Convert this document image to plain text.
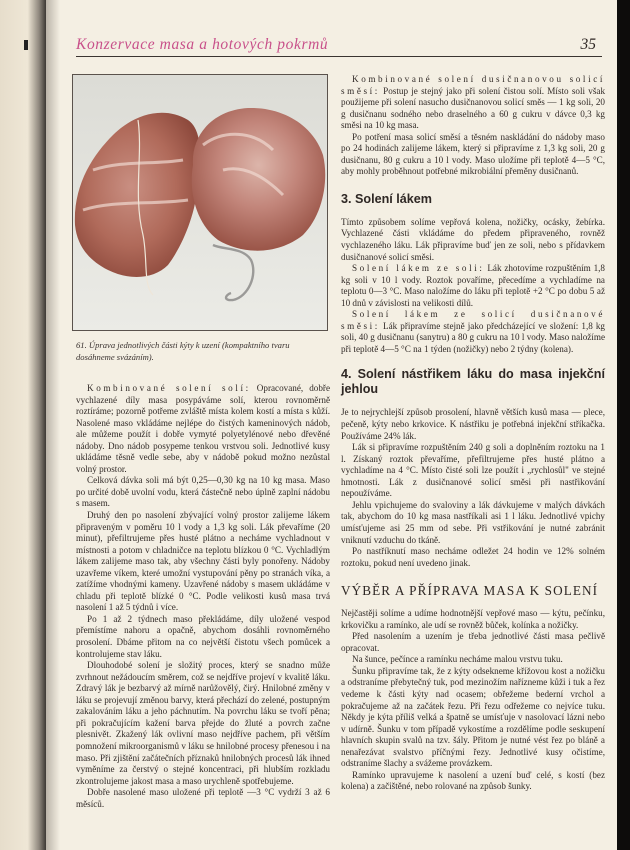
Konzervace masa a hotových pokrmů	35
61. Úprava jednotlivých části kýty k uzení (kompaktního tvaru dosáhneme svázáním).

Kombinované solení solí: Opracované, dobře vychlazené díly masa posypáváme solí, kterou rovnoměrně roztíráme; pozorně potřeme zvláště místa kolem kostí a místa s kůží. Nasolené maso vkládáme nejlépe do čistých kameninových nádob, ale můžeme použít i dobře vymyté polyetylénové nebo dřevěné nádoby. Dno nádob posypeme tenkou vrstvou soli. Jednotlivé kusy ukládáme těsně vedle sebe, aby v nádobě pokud možno nezůstal volný prostor.

Celková dávka soli má být 0,25—0,30 kg na 10 kg masa. Maso po určité době uvolní vodu, která částečně nebo úplně zaplní nádobu s masem.

Druhý den po nasolení zbývající volný prostor zalijeme lákem připraveným v poměru 10 l vody a 1,3 kg soli. Lák převaříme (20 minut), přefiltrujeme přes husté plátno a necháme vychladnout v místnosti a potom v chladničce na teplotu blízkou 0 °C. Vychladlým lákem zalijeme maso tak, aby všechny části byly ponořeny. Nádoby uzavřeme víkem, které umožní vystupování pěny po stranách víka, a zatížíme vhodnými kameny. Uzavřené nádoby s masem ukládáme v chladu při teplotě blízké 0 °C. Podle velikosti kusů masa trvá nasolení 1 až 5 týdnů i více.

Po 1 až 2 týdnech maso překládáme, díly uložené vespod přemístíme nahoru a opačně, abychom dosáhli rovnoměrného prosolení. Dbáme přitom na co největší čistotu všech pomůcek a kontrolujeme stav láku.

Dlouhodobé solení je složitý proces, který se snadno může zvrhnout nežádoucím směrem, což se nejdříve projeví v kvalitě láku. Zdravý lák je bezbarvý až mírně narůžovělý, čirý. Hnilobné změny v láku se projevují změnou barvy, která přechází do zelené, postupným zakalováním láku a jeho páchnutím. Na povrchu láku se tvoří pěna; při pokračujícím kažení barva přejde do žluté a povrch začne plesnivět. Zkažený lák ovlivní maso nejdříve pachem, při větším pomnožení mikroorganismů v láku se hnilobné procesy přenesou i na maso. Při zjištění začátečních příznaků hnilobných procesů lák ihned vyměníme za čerstvý o stejné koncentraci, při hlubším rozkladu zkontrolujeme jakost masa a maso urychleně spotřebujeme.

Dobře nasolené maso uložené při teplotě —3 °C vydrží 3 až 6 měsíců.

Kombinované solení dusičnanovou solicí směsí: Postup je stejný jako při solení čistou solí. Místo soli však použijeme při solení nasucho dusičnanovou solicí směs — 1 kg soli, 20 g dusičnanu sodného nebo draselného a 60 g cukru v dávce 0,3 kg směsi na 10 kg masa.

Po potření masa solicí směsí a těsném naskládání do nádoby maso po 24 hodinách zalijeme lákem, který si připravíme z 1,3 kg soli, 20 g dusičnanu, 80 g cukru a 10 l vody. Maso uložíme při teplotě 4—5 °C, aby mohly proběhnout potřebné mikrobiální přeměny dusičnanů.

3. Solení lákem

Tímto způsobem solíme vepřová kolena, nožičky, ocásky, žebírka. Vychlazené části vkládáme do předem připraveného, rovněž vychlazeného láku. Lák připravíme buď jen ze soli, nebo s přídavkem dusičnanové solicí směsi.

Solení lákem ze soli: Lák zhotovíme rozpuštěním 1,8 kg soli v 10 l vody. Roztok povaříme, přecedíme a vychladíme na teplotu 0—3 °C. Maso naložíme do láku při teplotě +2 °C po dobu 5 až 10 dnů v závislosti na velikosti dílů.

Solení lákem ze solicí dusičnanové směsi: Lák připravíme stejně jako předcházející ve složení: 1,8 kg soli, 40 g dusičnanu (sanytru) a 80 g cukru na 10 l vody. Maso naložíme při teplotě 4—5 °C na 1 týden (nožičky) nebo 2 týdny (kolena).

4. Solení nástřikem láku do masa injekční jehlou

Je to nejrychlejší způsob prosolení, hlavně větších kusů masa — plece, pečeně, kýty nebo krkovice. K nástřiku je potřebná injekční stříkačka. Používáme 24% lák.

Lák si připravíme rozpuštěním 240 g soli a doplněním roztoku na 1 l. Získaný roztok převaříme, přefiltrujeme přes husté plátno a vychladíme na 4 °C. Místo čisté soli lze použít i „rychlosůl" ve stejné hmotnosti. Lák z dusičnanové solicí směsi při nastřikování nepoužíváme.

Jehlu vpichujeme do svaloviny a lák dávkujeme v malých dávkách tak, abychom do 10 kg masa nastříkali asi 1 l láku. Jednotlivé vpichy umísťujeme asi 25 mm od sebe. Při vstřikování je nutné zabránit vniknutí vzduchu do tkáně.

Po nastříknutí maso necháme odležet 24 hodin ve 12% solném roztoku, pokud není uvedeno jinak.

VÝBĚR A PŘÍPRAVA MASA K SOLENÍ

Nejčastěji solíme a udíme hodnotnější vepřové maso — kýtu, pečínku, krkovičku a ramínko, ale udí se rovněž bůček, kolínka a nožičky.

Před nasolením a uzením je třeba jednotlivé části masa pečlivě opracovat.

Na šunce, pečínce a ramínku necháme malou vrstvu tuku.

Šunku připravíme tak, že z kýty odsekneme křížovou kost a nožičku a odstraníme přebytečný tuk, pod mezinožím nařízneme kůži i tuk a řez vedeme k části kýty nad ocasem; obřežeme bederní vrchol a pokračujeme až na začátek řezu. Při řezu odřežeme co nejvíce tuku. Někdy je kýta příliš velká a špatně se umísťuje v nasolovací lázni nebo v udírně. Šunku v tom případě vykostíme a rozdělíme podle seskupení hlavních skupin svalů na tzv. šály. Přitom je nutné vést řez po bláně a nenařezávat svalstvo příčnými řezy. Jednotlivé kusy očistíme, odstraníme šlachy a svážeme provázkem.

Ramínko upravujeme k nasolení a uzení buď celé, s kostí (bez kolena) a začištěné, nebo rolované na způsob šunky.
